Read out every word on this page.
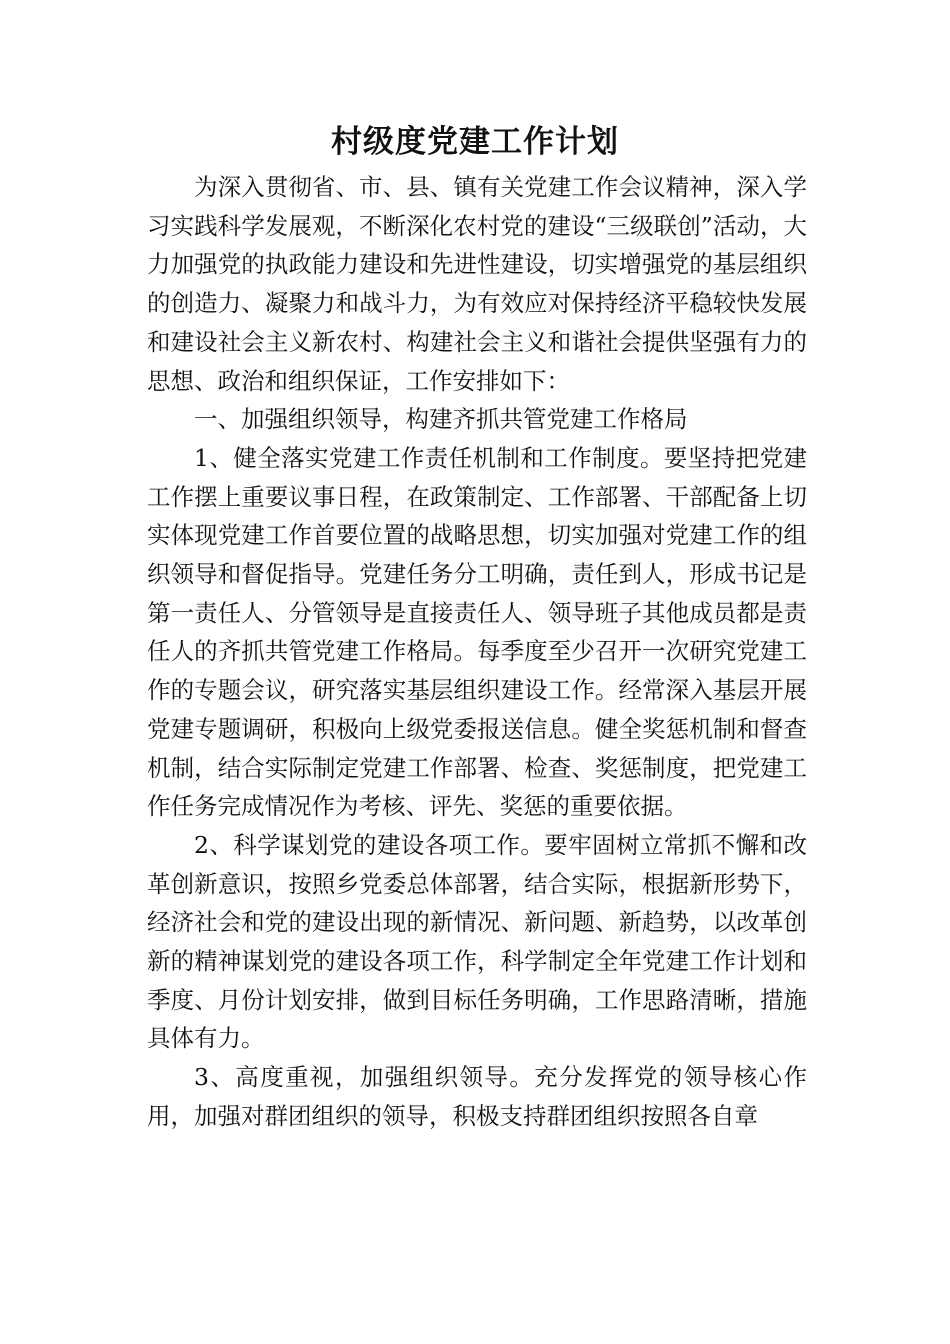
村级度党建工作计划

为深入贯彻省、市、县、镇有关党建工作会议精神，深入学习实践科学发展观，不断深化农村党的建设“三级联创”活动，大力加强党的执政能力建设和先进性建设，切实增强党的基层组织的创造力、凝聚力和战斗力，为有效应对保持经济平稳较快发展和建设社会主义新农村、构建社会主义和谐社会提供坚强有力的思想、政治和组织保证，工作安排如下：

一、加强组织领导，构建齐抓共管党建工作格局

1、健全落实党建工作责任机制和工作制度。要坚持把党建工作摆上重要议事日程，在政策制定、工作部署、干部配备上切实体现党建工作首要位置的战略思想，切实加强对党建工作的组织领导和督促指导。党建任务分工明确，责任到人，形成书记是第一责任人、分管领导是直接责任人、领导班子其他成员都是责任人的齐抓共管党建工作格局。每季度至少召开一次研究党建工作的专题会议，研究落实基层组织建设工作。经常深入基层开展党建专题调研，积极向上级党委报送信息。健全奖惩机制和督查机制，结合实际制定党建工作部署、检查、奖惩制度，把党建工作任务完成情况作为考核、评先、奖惩的重要依据。

2、科学谋划党的建设各项工作。要牢固树立常抓不懈和改革创新意识，按照乡党委总体部署，结合实际，根据新形势下，经济社会和党的建设出现的新情况、新问题、新趋势，以改革创新的精神谋划党的建设各项工作，科学制定全年党建工作计划和季度、月份计划安排，做到目标任务明确，工作思路清晰，措施具体有力。

3、高度重视，加强组织领导。充分发挥党的领导核心作用，加强对群团组织的领导，积极支持群团组织按照各自章
